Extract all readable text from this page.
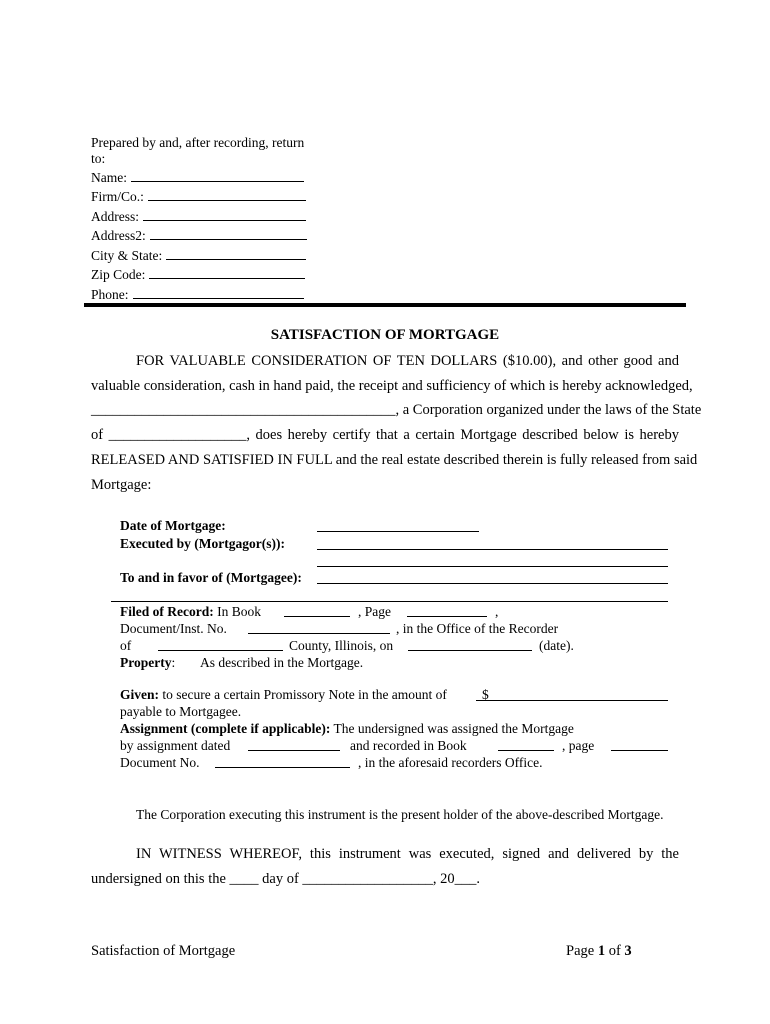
Prepared by and, after recording, return
to:
Name:
Firm/Co.:
Address:
Address2:
City & State:
Zip Code:
Phone:
SATISFACTION OF MORTGAGE
FOR VALUABLE CONSIDERATION OF TEN DOLLARS ($10.00), and other good and
valuable consideration, cash in hand paid, the receipt and sufficiency of which is hereby acknowledged,
__________________________________________, a Corporation organized under the laws of the State
of ___________________, does hereby certify that a certain Mortgage described below is hereby
RELEASED AND SATISFIED IN FULL and the real estate described therein is fully released from said
Mortgage:
Date of Mortgage:
Executed by (Mortgagor(s)):
To and in favor of (Mortgagee):
Filed of Record: In Book	, Page	,
Document/Inst. No.	, in the Office of the Recorder
of	County, Illinois, on	(date).
Property: As described in the Mortgage.
Given: to secure a certain Promissory Note in the amount of	$
payable to Mortgagee.
Assignment (complete if applicable): The undersigned was assigned the Mortgage
by assignment dated	and recorded in Book	, page
Document No.	, in the aforesaid recorders Office.
The Corporation executing this instrument is the present holder of the above-described Mortgage.
IN WITNESS WHEREOF, this instrument was executed, signed and delivered by the
undersigned on this the ____ day of __________________, 20___.
Satisfaction of Mortgage	Page 1 of 3
